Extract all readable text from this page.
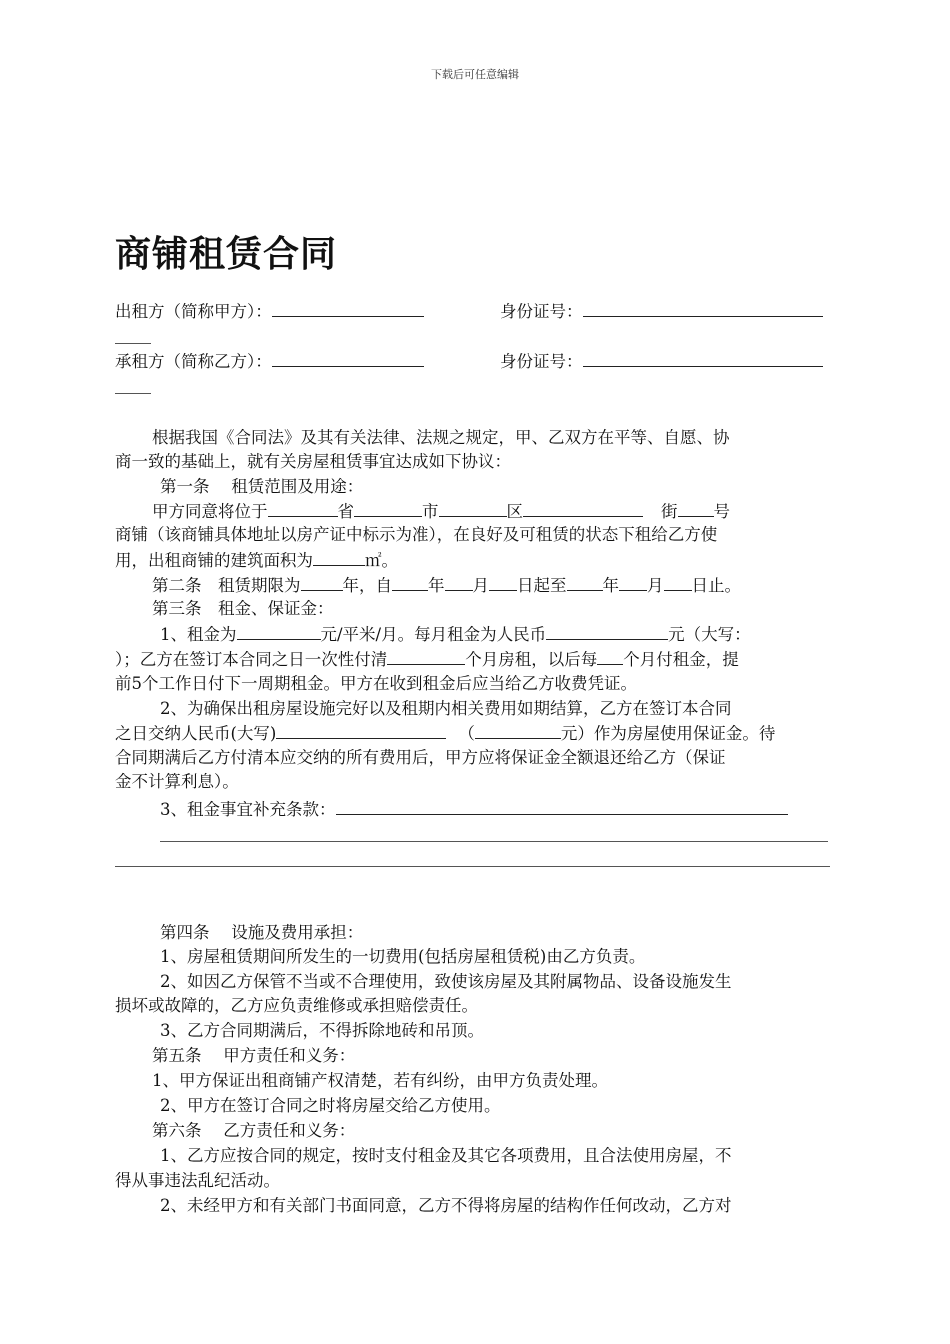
下载后可任意编辑
商铺租赁合同
出租方（简称甲方）：	身份证号：
承租方（简称乙方）：	身份证号：
根据我国《合同法》及其有关法律、法规之规定，甲、乙双方在平等、自愿、协
商一致的基础上，就有关房屋租赁事宜达成如下协议：
第一条　 租赁范围及用途：
甲方同意将位于	省	市	区	街 号
商铺（该商铺具体地址以房产证中标示为准），在良好及可租赁的状态下租给乙方使
用，出租商铺的建筑面积为	㎡。
第二条　租赁期限为	年，自 年 月 日起至 年 月 日止。
第三条　租金、保证金：
1、租金为	元/平米/月。每月租金为人民币	元（大写：
）；乙方在签订本合同之日一次性付清	个月房租，以后每 个月付租金，提
前5个工作日付下一周期租金。甲方在收到租金后应当给乙方收费凭证。
2、为确保出租房屋设施完好以及租期内相关费用如期结算，乙方在签订本合同
之日交纳人民币(大写)	（	元）作为房屋使用保证金。待
合同期满后乙方付清本应交纳的所有费用后，甲方应将保证金全额退还给乙方（保证
金不计算利息）。
3、租金事宜补充条款：
第四条　 设施及费用承担：
1、房屋租赁期间所发生的一切费用(包括房屋租赁税)由乙方负责。
2、如因乙方保管不当或不合理使用，致使该房屋及其附属物品、设备设施发生
损坏或故障的，乙方应负责维修或承担赔偿责任。
3、乙方合同期满后，不得拆除地砖和吊顶。
第五条　 甲方责任和义务：
1、甲方保证出租商铺产权清楚，若有纠纷，由甲方负责处理。
2、甲方在签订合同之时将房屋交给乙方使用。
第六条　 乙方责任和义务：
1、乙方应按合同的规定，按时支付租金及其它各项费用，且合法使用房屋，不
得从事违法乱纪活动。
2、未经甲方和有关部门书面同意，乙方不得将房屋的结构作任何改动，乙方对
